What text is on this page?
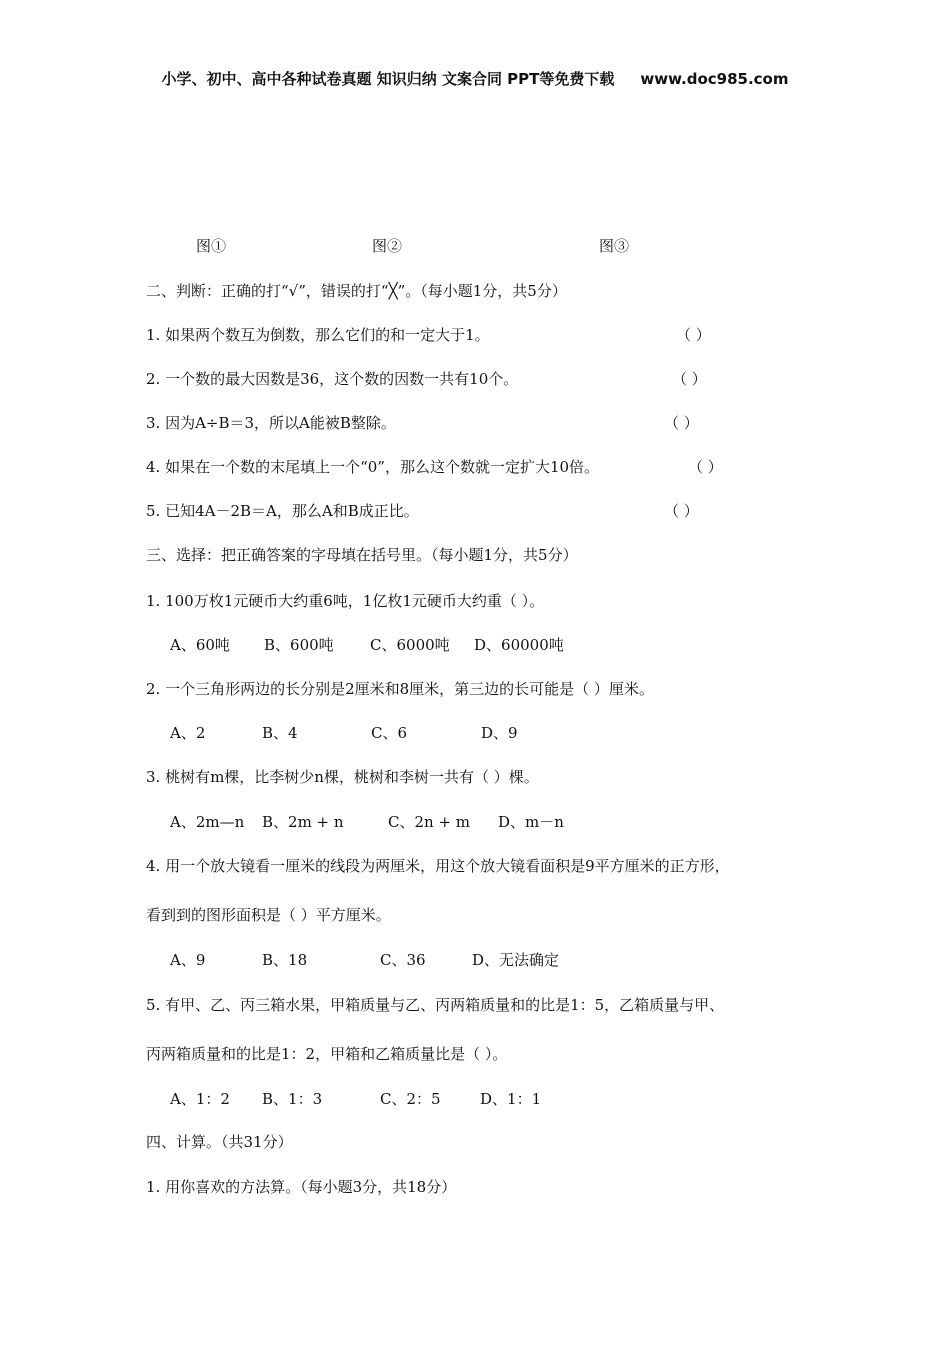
小学、初中、高中各种试卷真题 知识归纳 文案合同 PPT等免费下载 www.doc985.com
图①	图②	图③
二、判断：正确的打“√”，错误的打“╳”。（每小题1分，共5分）
1. 如果两个数互为倒数，那么它们的和一定大于1。	（ ）
2. 一个数的最大因数是36，这个数的因数一共有10个。	（ ）
3. 因为A÷B＝3，所以A能被B整除。	（ ）
4. 如果在一个数的末尾填上一个“0”，那么这个数就一定扩大10倍。	（ ）
5. 已知4A－2B＝A，那么A和B成正比。	（ ）
三、选择：把正确答案的字母填在括号里。（每小题1分，共5分）
1. 100万枚1元硬币大约重6吨，1亿枚1元硬币大约重（ ）。
A、60吨 B、600吨 C、6000吨 D、60000吨
2. 一个三角形两边的长分别是2厘米和8厘米，第三边的长可能是（ ）厘米。
A、2	B、4	C、6	D、9
3. 桃树有m棵，比李树少n棵，桃树和李树一共有（ ）棵。
A、2m—n B、2m + n	C、2n + m D、m－n
4. 用一个放大镜看一厘米的线段为两厘米，用这个放大镜看面积是9平方厘米的正方形，
看到到的图形面积是（ ）平方厘米。
A、9	B、18	C、36	D、无法确定
5. 有甲、乙、丙三箱水果，甲箱质量与乙、丙两箱质量和的比是1：5，乙箱质量与甲、
丙两箱质量和的比是1：2，甲箱和乙箱质量比是（ ）。
A、1：2 B、1：3	C、2：5	D、1：1
四、计算。（共31分）
1. 用你喜欢的方法算。（每小题3分，共18分）
